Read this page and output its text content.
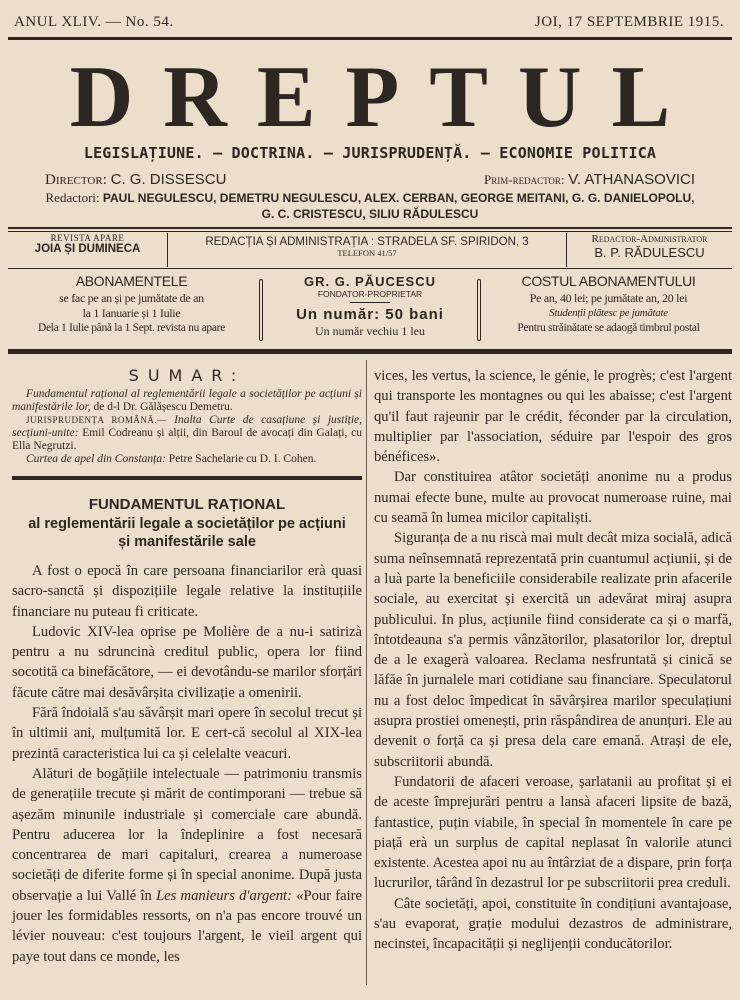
ANUL XLIV. — No. 54.	JOI, 17 SEPTEMBRIE 1915.
DREPTUL
LEGISLAȚIUNE. — DOCTRINA. — JURISPRUDENȚĂ. — ECONOMIE POLITICA
Director: C. G. DISSESCU	Prim-redactor: V. ATHANASOVICI
Redactori: PAUL NEGULESCU, DEMETRU NEGULESCU, ALEX. CERBAN, GEORGE MEITANI, G. G. DANIELOPOLU,
G. C. CRISTESCU, SILIU RĂDULESCU
REVISTA APARE
JOIA ȘI DUMINECA
REDACȚIA ȘI ADMINISTRAȚIA : STRADELA SF. SPIRIDON, 3
TELEFON 41/57
Redactor-Administrator
B. P. RĂDULESCU
ABONAMENTELE
se fac pe an și pe jumătate de an
la 1 Ianuarie și 1 Iulie
Dela 1 Iulie până la 1 Sept. revista nu apare
GR. G. PĂUCESCU
FONDATOR-PROPRIETAR
Un număr: 50 bani
Un număr vechiu 1 leu
COSTUL ABONAMENTULUI
Pe an, 40 lei; pe jumătate an, 20 lei
Studenții plătesc pe jumătate
Pentru străinătate se adaogă timbrul postal
SUMAR:

Fundamentul rațional al reglementării legale a societăților pe acțiuni și manifestările lor, de d-l Dr. Gălășescu Demetru.

JURISPRUDENȚA ROMÂNĂ.— Inalta Curte de casațiune și justiție, secțiuni-unite: Emil Codreanu și alții, din Baroul de avocați din Galați, cu Ella Negrutzi.

Curtea de apel din Constanța: Petre Sachelarie cu D. I. Cohen.

FUNDAMENTUL RAȚIONAL
al reglementării legale a societăților pe acțiuni
și manifestările sale

A fost o epocă în care persoana financiarilor erà quasi sacro-sanctă și dispozițiile legale relative la instituțiile financiare nu puteau fi criticate.

Ludovic XIV-lea oprise pe Molière de a nu-i satirizà pentru a nu sdruncinà creditul public, opera lor fiind socotită ca binefăcătore, — ei devotându-se marilor sforțări făcute către mai desăvârșita civilizație a omenirii.

Fără îndoială s'au săvârșit mari opere în secolul trecut și în ultimii ani, mulțumită lor. E cert-că secolul al XIX-lea prezintă caracteristica lui ca și celelalte veacuri.

Alături de bogățiile intelectuale — patrimoniu transmis de generațiile trecute și mărit de contimporani — trebue să așezăm minunile industriale și comerciale care abundă. Pentru aducerea lor la îndeplinire a fost necesară concentrarea de mari capitaluri, crearea a numeroase societăți de diferite forme și în special anonime. După justa observație a lui Vallé în Les manieurs d'argent: «Pour faire jouer les formidables ressorts, on n'a pas encore trouvé un lévier nouveau: c'est toujours l'argent, le vieil argent qui paye tout dans ce monde, les

vices, les vertus, la science, le génie, le progrès; c'est l'argent qui transporte les montagnes ou qui les abaisse; c'est l'argent qu'il faut rajeunir par le crédit, féconder par la circulation, multiplier par l'association, séduire par l'espoir des gros bénéfices».

Dar constituirea atâtor societăți anonime nu a produs numai efecte bune, multe au provocat numeroase ruine, mai cu seamă în lumea micilor capitaliști.

Siguranța de a nu riscà mai mult decât miza socială, adică suma neînsemnată reprezentată prin cuantumul acțiunii, și de a luà parte la beneficiile considerabile realizate prin afacerile sociale, au exercitat și exercită un adevărat miraj asupra publicului. In plus, acțiunile fiind considerate ca și o marfă, întotdeauna s'a permis vânzătorilor, plasatorilor lor, dreptul de a le exagerà valoarea. Reclama nesfruntată și cinică se lăfăe în jurnalele mari cotidiane sau financiare. Speculatorul nu a fost deloc împedicat în săvârșirea marilor speculațiuni asupra prostiei omenești, prin răspândirea de anunțuri. Ele au devenit o forță ca și presa dela care emană. Atrași de ele, subscriitorii abundă.

Fundatorii de afaceri veroase, șarlatanii au profitat și ei de aceste împrejurări pentru a lansà afaceri lipsite de bază, fantastice, puțin viabile, în special în momentele în care pe piață erà un surplus de capital neplasat în valorile atunci existente. Acestea apoi nu au întârziat de a dispare, prin forța lucrurilor, târând în dezastrul lor pe subscriitorii prea creduli.

Câte societăți, apoi, constituite în condițiuni avantajoase, s'au evaporat, grație modului dezastros de administrare, necinstei, încapacității și neglijenții conducătorilor.
